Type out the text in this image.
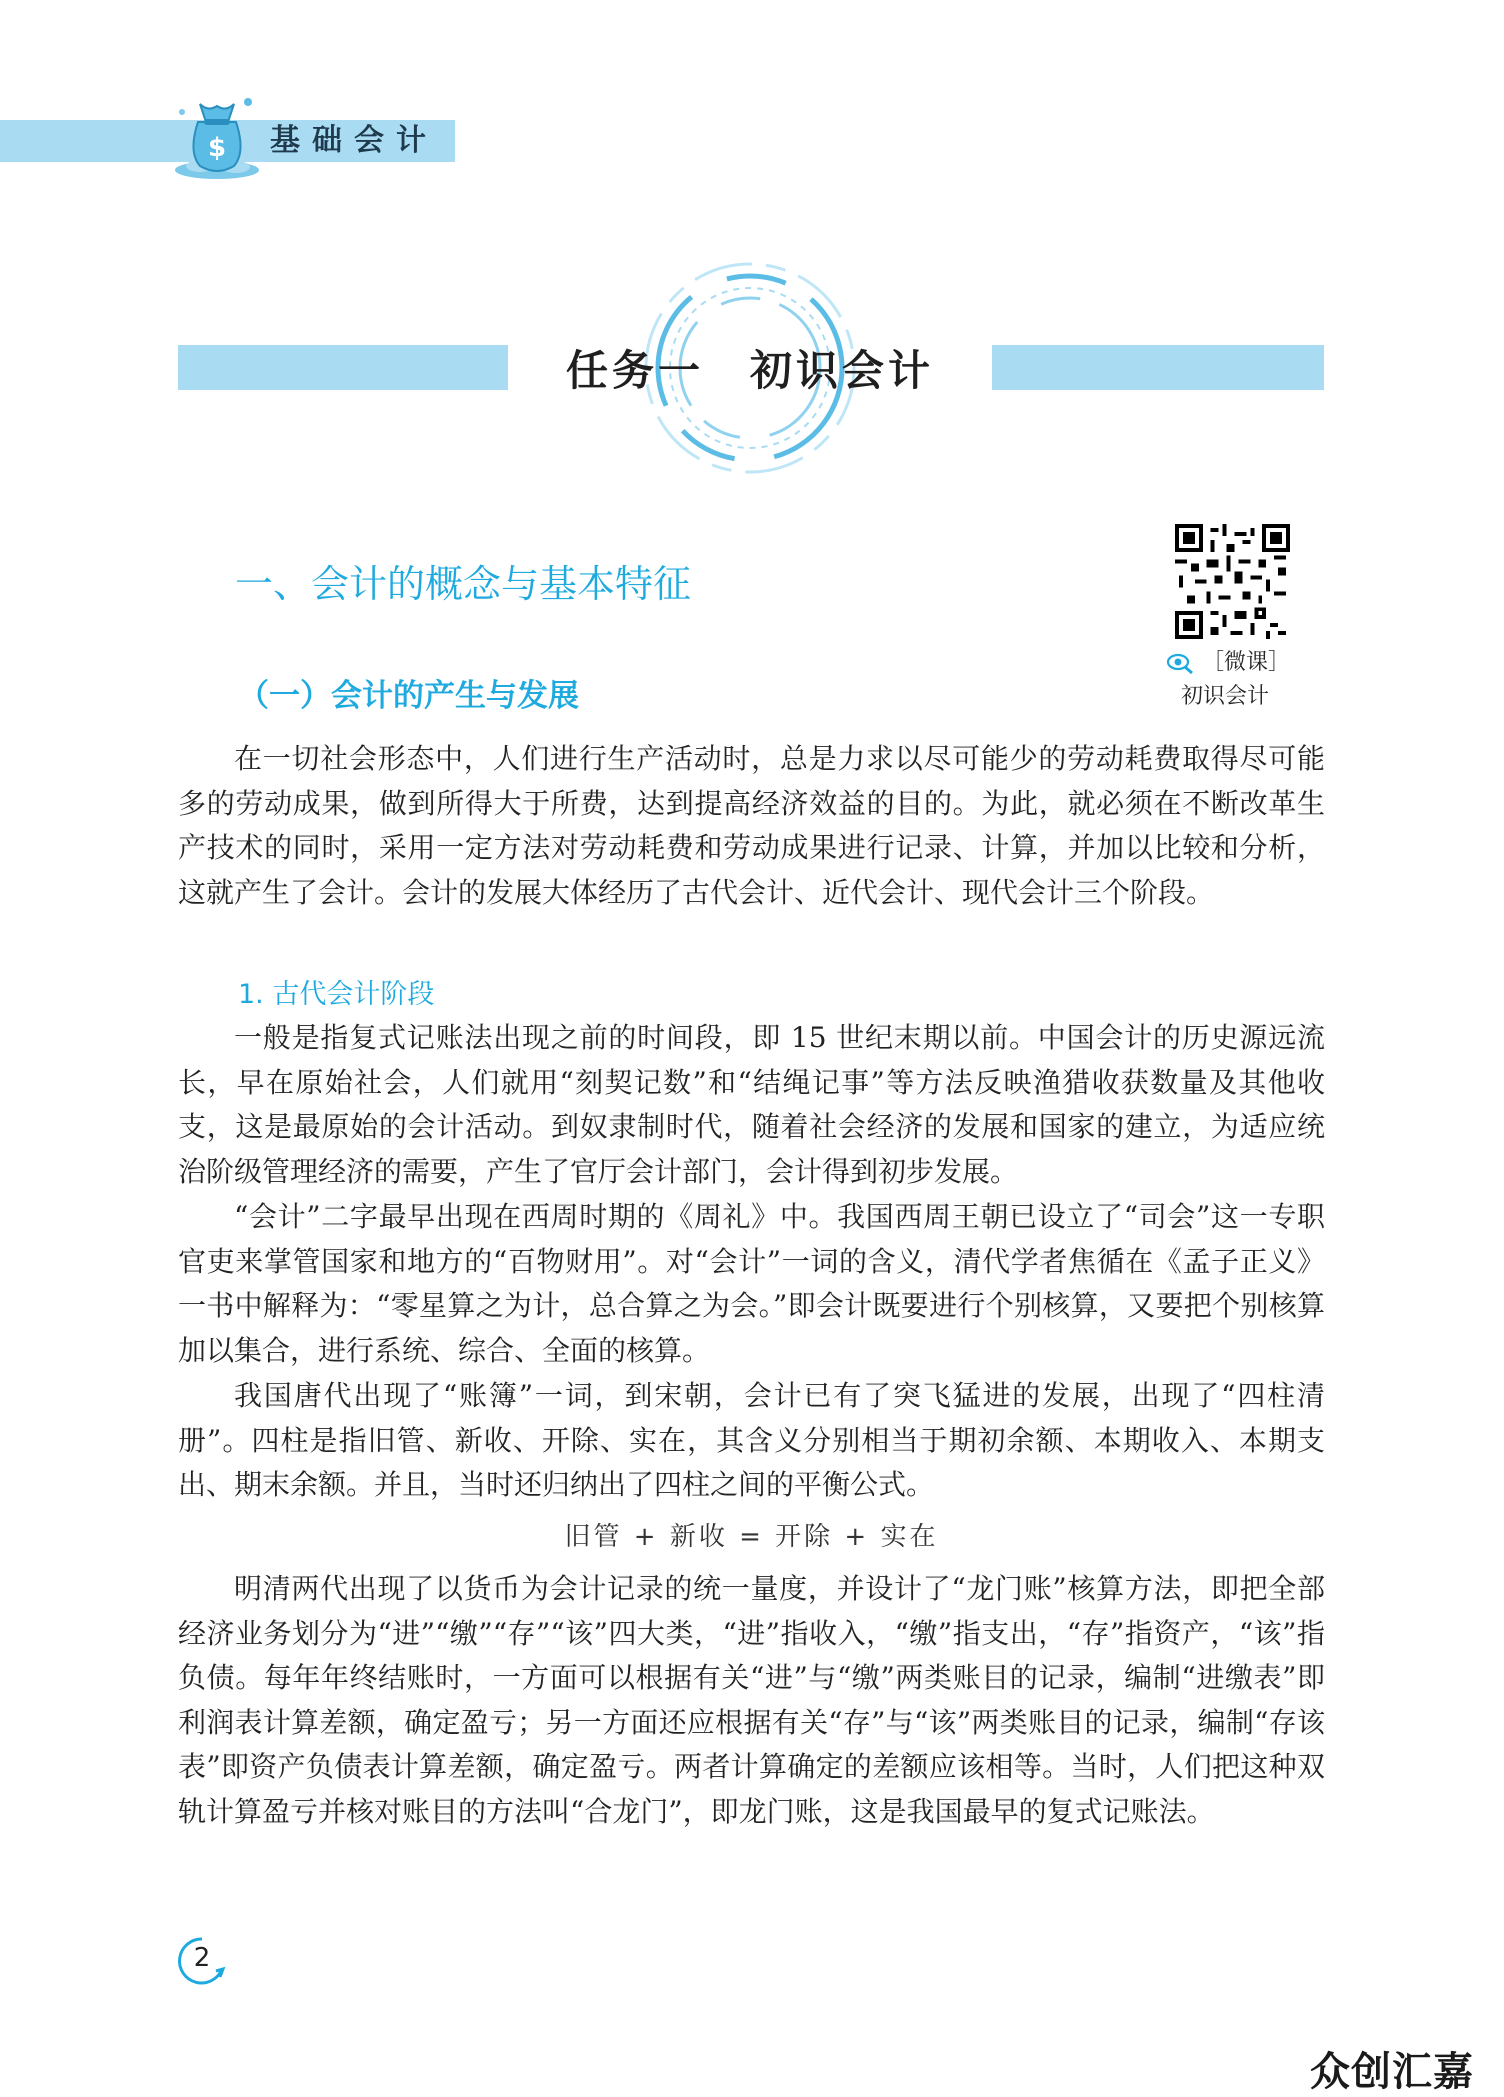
$ 基础会计
任务一　初识会计
一、会计的概念与基本特征
（一）会计的产生与发展
［微课］
初识会计

在一切社会形态中，人们进行生产活动时，总是力求以尽可能少的劳动耗费取得尽可能多的劳动成果，做到所得大于所费，达到提高经济效益的目的。为此，就必须在不断改革生产技术的同时，采用一定方法对劳动耗费和劳动成果进行记录、计算，并加以比较和分析，这就产生了会计。会计的发展大体经历了古代会计、近代会计、现代会计三个阶段。

1. 古代会计阶段

一般是指复式记账法出现之前的时间段，即 15 世纪末期以前。中国会计的历史源远流长，早在原始社会，人们就用“刻契记数”和“结绳记事”等方法反映渔猎收获数量及其他收支，这是最原始的会计活动。到奴隶制时代，随着社会经济的发展和国家的建立，为适应统治阶级管理经济的需要，产生了官厅会计部门，会计得到初步发展。

“会计”二字最早出现在西周时期的《周礼》中。我国西周王朝已设立了“司会”这一专职官吏来掌管国家和地方的“百物财用”。对“会计”一词的含义，清代学者焦循在《孟子正义》一书中解释为：“零星算之为计，总合算之为会。”即会计既要进行个别核算，又要把个别核算加以集合，进行系统、综合、全面的核算。

我国唐代出现了“账簿”一词，到宋朝，会计已有了突飞猛进的发展，出现了“四柱清册”。四柱是指旧管、新收、开除、实在，其含义分别相当于期初余额、本期收入、本期支出、期末余额。并且，当时还归纳出了四柱之间的平衡公式。

旧管 + 新收 = 开除 + 实在

明清两代出现了以货币为会计记录的统一量度，并设计了“龙门账”核算方法，即把全部经济业务划分为“进”“缴”“存”“该”四大类，“进”指收入，“缴”指支出，“存”指资产，“该”指负债。每年年终结账时，一方面可以根据有关“进”与“缴”两类账目的记录，编制“进缴表”即利润表计算差额，确定盈亏；另一方面还应根据有关“存”与“该”两类账目的记录，编制“存该表”即资产负债表计算差额，确定盈亏。两者计算确定的差额应该相等。当时，人们把这种双轨计算盈亏并核对账目的方法叫“合龙门”，即龙门账，这是我国最早的复式记账法。

2
众创汇嘉
